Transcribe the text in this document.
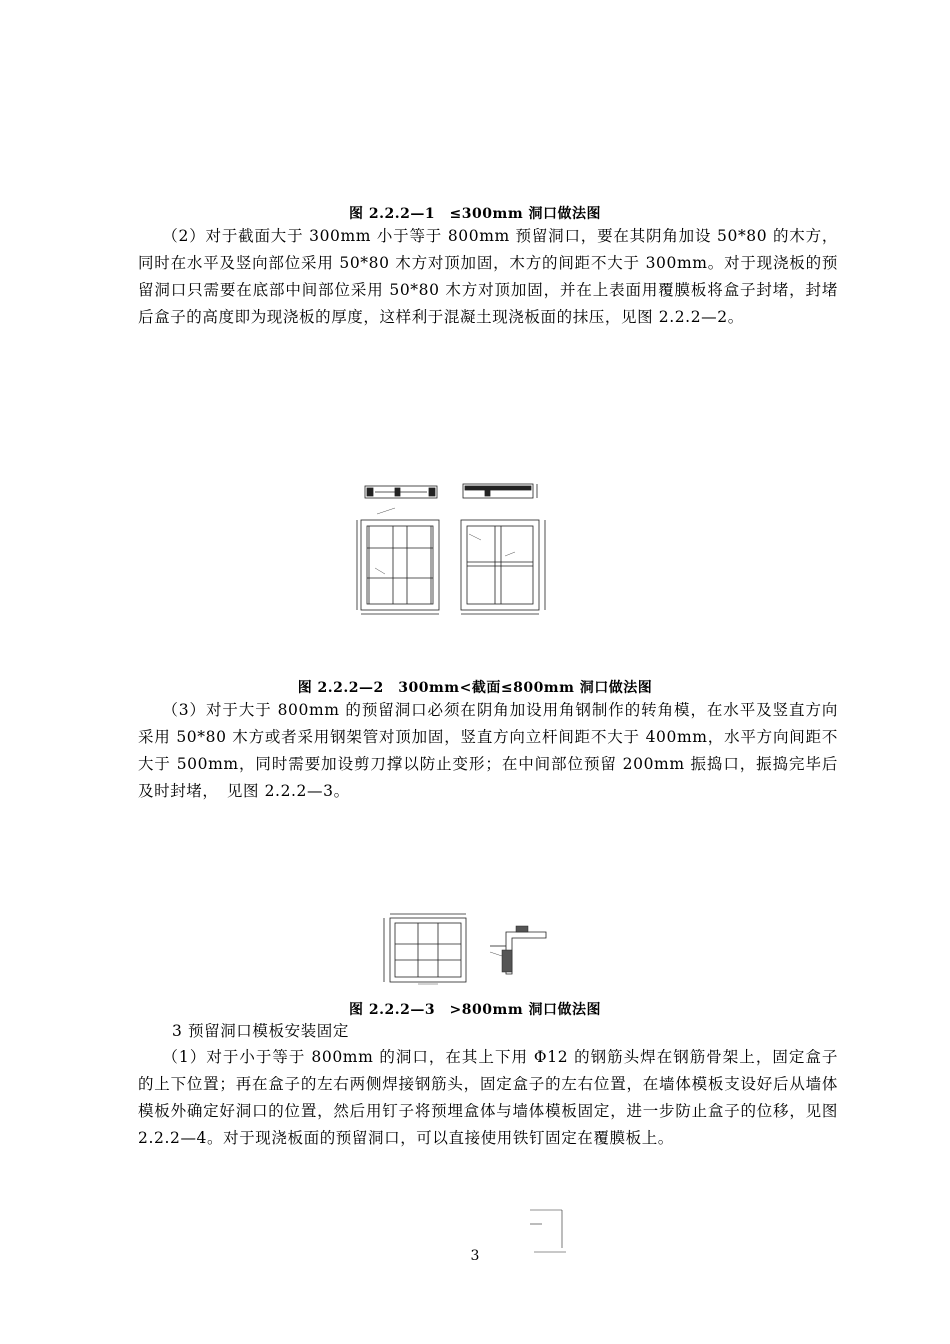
图 2.2.2—1　≤300mm 洞口做法图

（2）对于截面大于 300mm 小于等于 800mm 预留洞口，要在其阴角加设 50*80 的木方，同时在水平及竖向部位采用 50*80 木方对顶加固，木方的间距不大于 300mm。对于现浇板的预留洞口只需要在底部中间部位采用 50*80 木方对顶加固，并在上表面用覆膜板将盒子封堵，封堵后盒子的高度即为现浇板的厚度，这样利于混凝土现浇板面的抹压，见图 2.2.2—2。

图 2.2.2—2　300mm<截面≤800mm 洞口做法图

（3）对于大于 800mm 的预留洞口必须在阴角加设用角钢制作的转角模，在水平及竖直方向采用 50*80 木方或者采用钢架管对顶加固，竖直方向立杆间距不大于 400mm，水平方向间距不大于 500mm，同时需要加设剪刀撑以防止变形；在中间部位预留 200mm 振捣口，振捣完毕后及时封堵，　见图 2.2.2—3。

图 2.2.2—3　>800mm 洞口做法图
3 预留洞口模板安装固定

（1）对于小于等于 800mm 的洞口，在其上下用 Φ12 的钢筋头焊在钢筋骨架上，固定盒子的上下位置；再在盒子的左右两侧焊接钢筋头，固定盒子的左右位置，在墙体模板支设好后从墙体模板外确定好洞口的位置，然后用钉子将预埋盒体与墙体模板固定，进一步防止盒子的位移，见图 2.2.2—4。对于现浇板面的预留洞口，可以直接使用铁钉固定在覆膜板上。

3
